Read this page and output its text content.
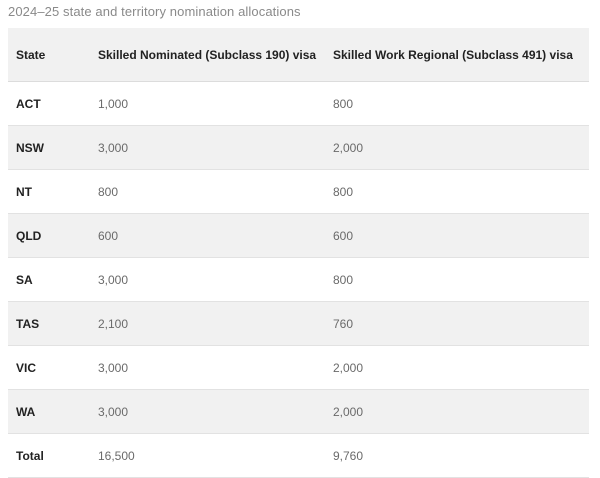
2024–25 state and territory nomination allocations
State	Skilled Nominated (Subclass 190) visa	Skilled Work Regional (Subclass 491) visa
ACT	1,000	800
NSW	3,000	2,000
NT	800	800
QLD	600	600
SA	3,000	800
TAS	2,100	760
VIC	3,000	2,000
WA	3,000	2,000
Total	16,500	9,760
